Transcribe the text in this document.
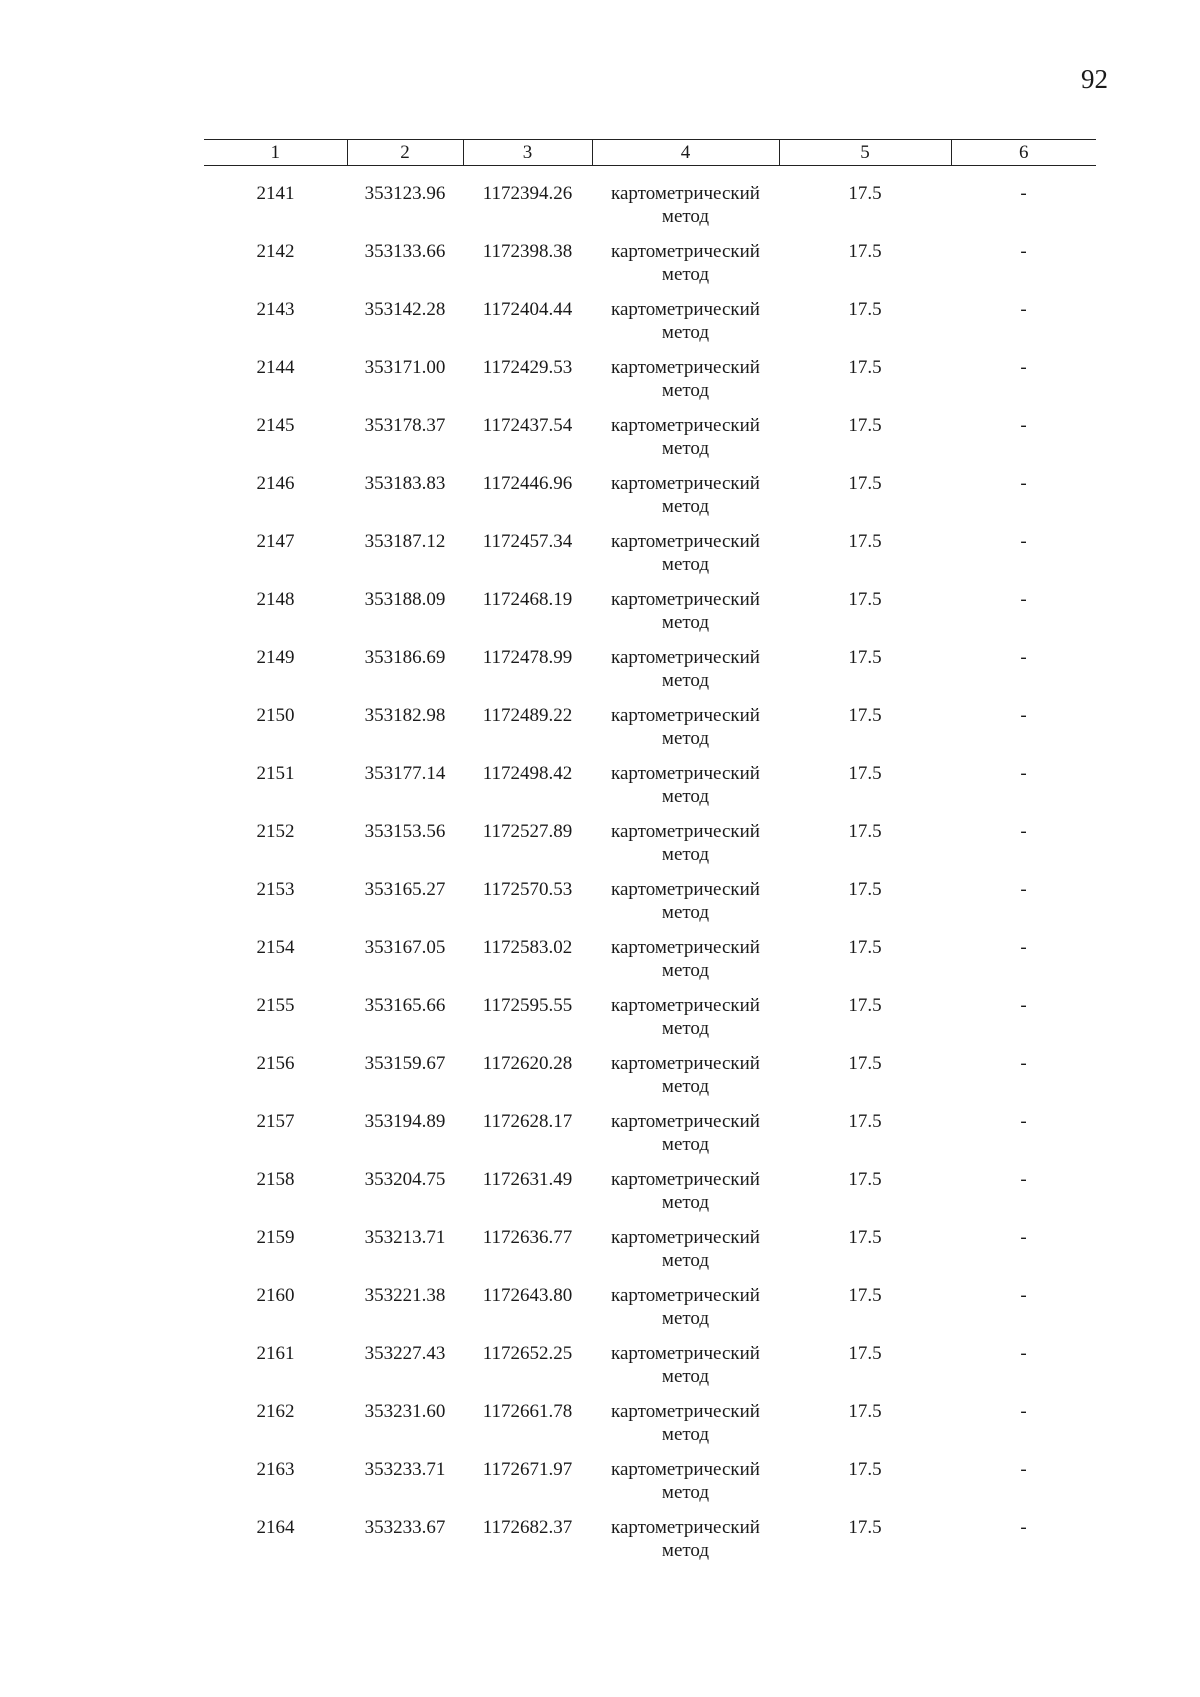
92
1	2	3	4	5	6
2141	353123.96	1172394.26	картометрический
метод	17.5	-
2142	353133.66	1172398.38	картометрический
метод	17.5	-
2143	353142.28	1172404.44	картометрический
метод	17.5	-
2144	353171.00	1172429.53	картометрический
метод	17.5	-
2145	353178.37	1172437.54	картометрический
метод	17.5	-
2146	353183.83	1172446.96	картометрический
метод	17.5	-
2147	353187.12	1172457.34	картометрический
метод	17.5	-
2148	353188.09	1172468.19	картометрический
метод	17.5	-
2149	353186.69	1172478.99	картометрический
метод	17.5	-
2150	353182.98	1172489.22	картометрический
метод	17.5	-
2151	353177.14	1172498.42	картометрический
метод	17.5	-
2152	353153.56	1172527.89	картометрический
метод	17.5	-
2153	353165.27	1172570.53	картометрический
метод	17.5	-
2154	353167.05	1172583.02	картометрический
метод	17.5	-
2155	353165.66	1172595.55	картометрический
метод	17.5	-
2156	353159.67	1172620.28	картометрический
метод	17.5	-
2157	353194.89	1172628.17	картометрический
метод	17.5	-
2158	353204.75	1172631.49	картометрический
метод	17.5	-
2159	353213.71	1172636.77	картометрический
метод	17.5	-
2160	353221.38	1172643.80	картометрический
метод	17.5	-
2161	353227.43	1172652.25	картометрический
метод	17.5	-
2162	353231.60	1172661.78	картометрический
метод	17.5	-
2163	353233.71	1172671.97	картометрический
метод	17.5	-
2164	353233.67	1172682.37	картометрический
метод	17.5	-
